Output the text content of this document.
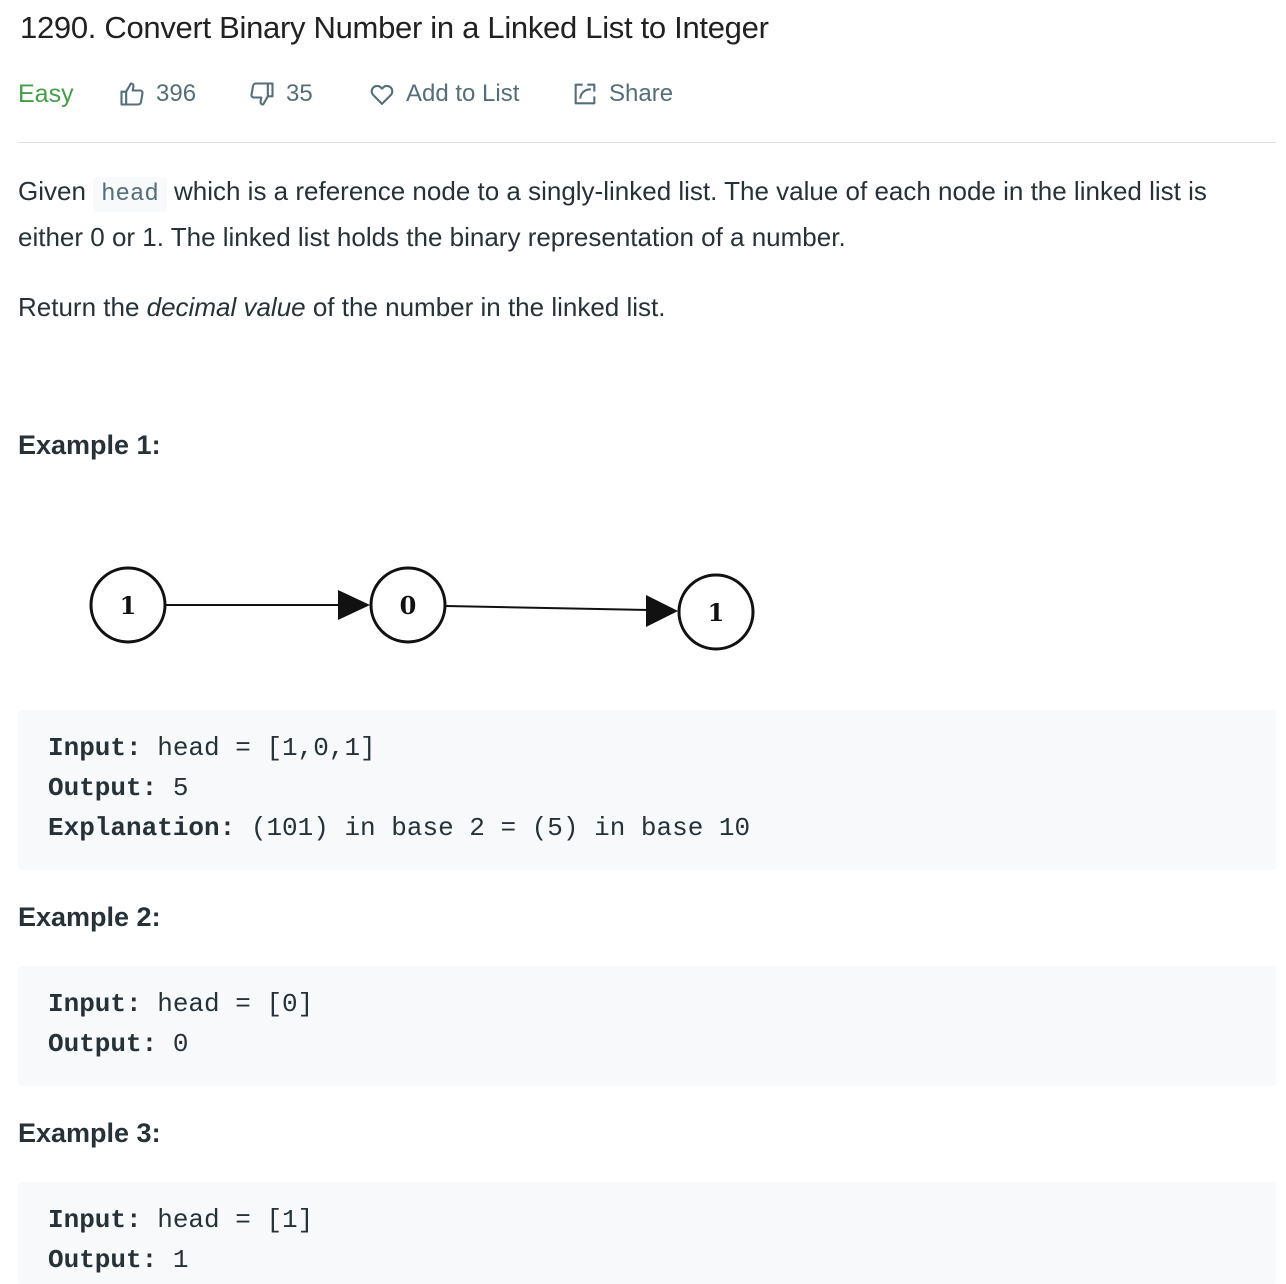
1290. Convert Binary Number in a Linked List to Integer
Easy	396	35	Add to List	Share

Given head which is a reference node to a singly-linked list. The value of each node in the linked list is either 0 or 1. The linked list holds the binary representation of a number.

Return the decimal value of the number in the linked list.

Example 1:
1	0	1
Input: head = [1,0,1]
Output: 5
Explanation: (101) in base 2 = (5) in base 10
Example 2:
Input: head = [0]
Output: 0
Example 3:
Input: head = [1]
Output: 1
